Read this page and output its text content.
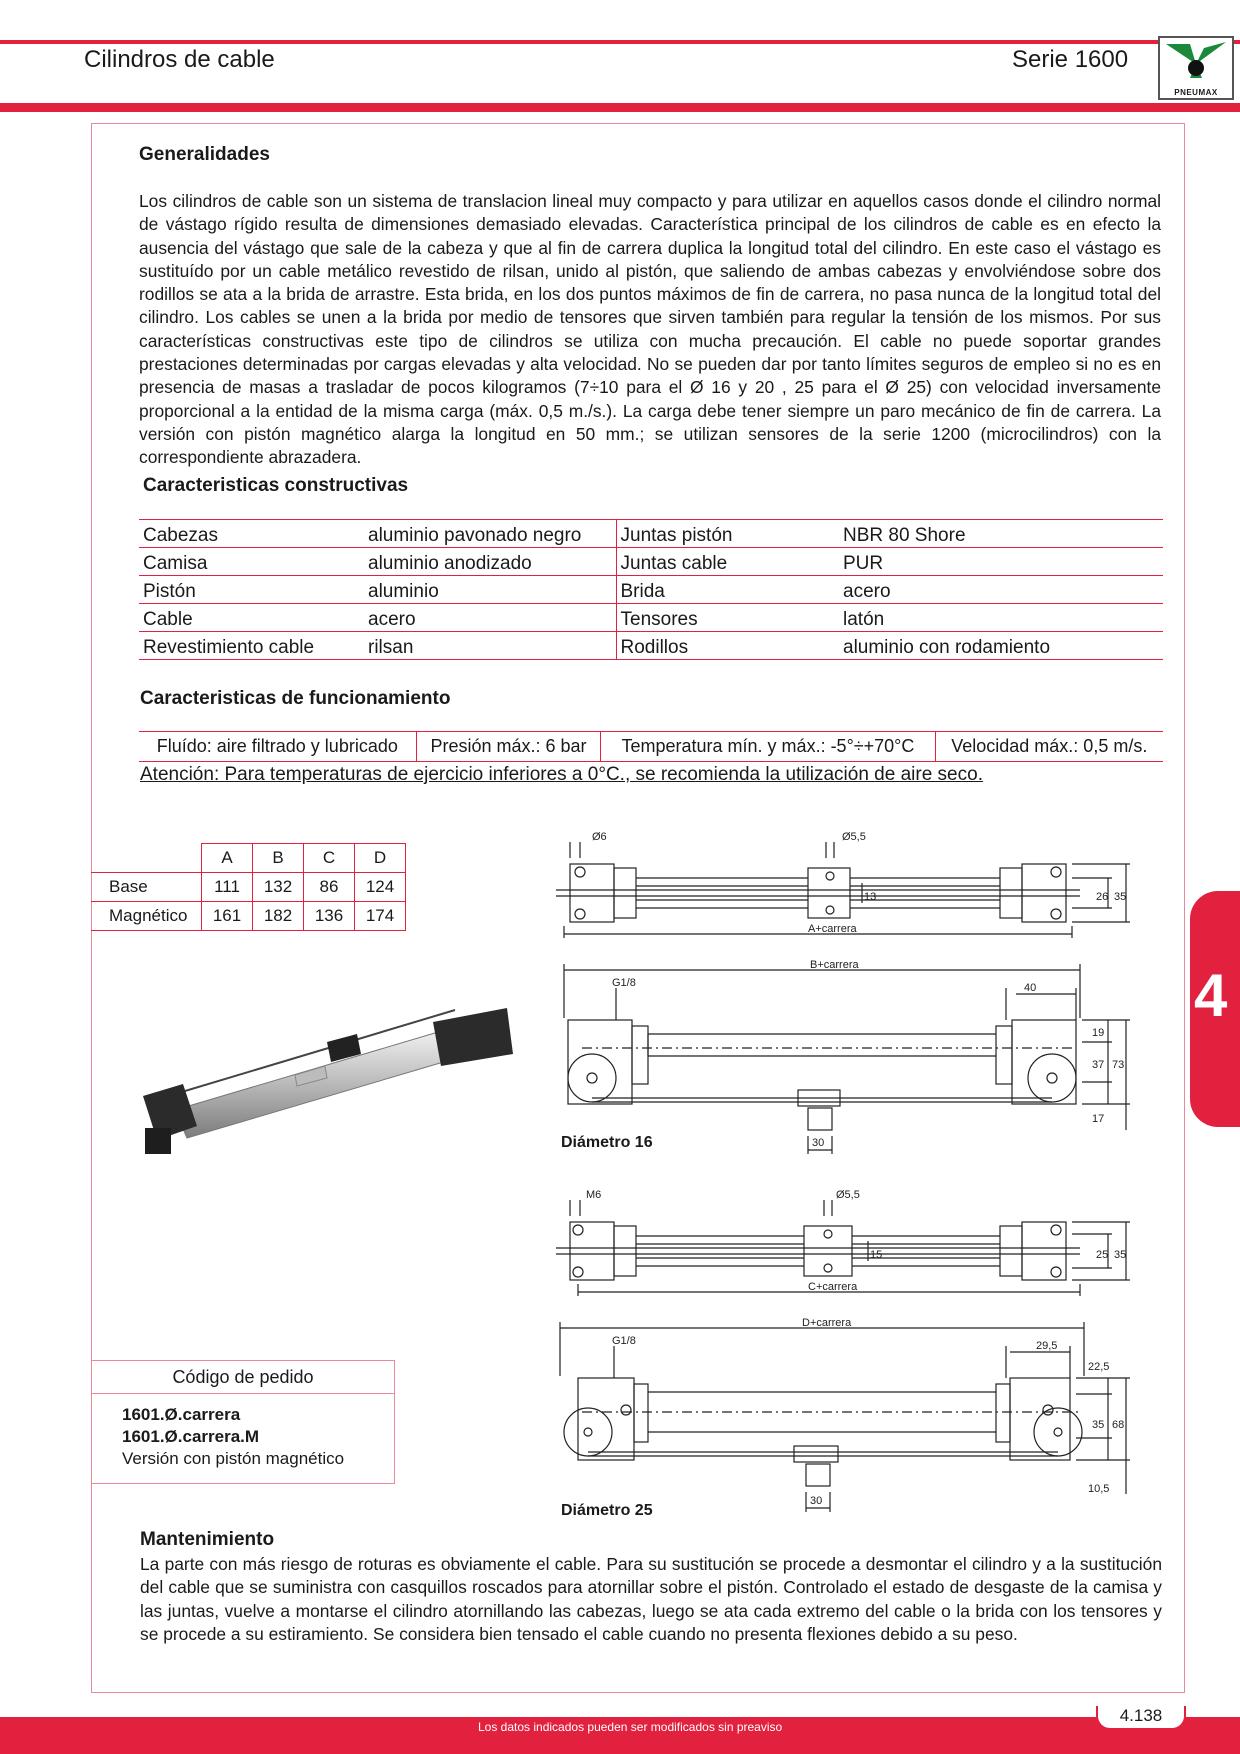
Cilindros de cable	Serie 1600
PNEUMAX
Generalidades
Los cilindros de cable son un sistema de translacion lineal muy compacto y para utilizar en aquellos casos donde el cilindro normal de vástago rígido resulta de dimensiones demasiado elevadas. Característica principal de los cilindros de cable es en efecto la ausencia del vástago que sale de la cabeza y que al fin de carrera duplica la longitud total del cilindro. En este caso el vástago es sustituído por un cable metálico revestido de rilsan, unido al pistón, que saliendo de ambas cabezas y envolviéndose sobre dos rodillos se ata a la brida de arrastre. Esta brida, en los dos puntos máximos de fin de carrera, no pasa nunca de la longitud total del cilindro. Los cables se unen a la brida por medio de tensores que sirven también para regular la tensión de los mismos. Por sus características constructivas este tipo de cilindros se utiliza con mucha precaución. El cable no puede soportar grandes prestaciones determinadas por cargas elevadas y alta velocidad. No se pueden dar por tanto límites seguros de empleo si no es en presencia de masas a trasladar de pocos kilogramos (7÷10 para el Ø 16 y 20 , 25 para el Ø 25) con velocidad inversamente proporcional a la entidad de la misma carga (máx. 0,5 m./s.). La carga debe tener siempre un paro mecánico de fin de carrera. La versión con pistón magnético alarga la longitud en 50 mm.; se utilizan sensores de la serie 1200 (microcilindros) con la correspondiente abrazadera.
Caracteristicas constructivas
Cabezas	aluminio pavonado negro	Juntas pistón	NBR 80 Shore
Camisa	aluminio anodizado	Juntas cable	PUR
Pistón	aluminio	Brida	acero
Cable	acero	Tensores	latón
Revestimiento cable	rilsan	Rodillos	aluminio con rodamiento
Caracteristicas de funcionamiento
Fluído: aire filtrado y lubricado	Presión máx.: 6 bar	Temperatura mín. y máx.: -5°÷+70°C	Velocidad máx.: 0,5 m/s.
Atención: Para temperaturas de ejercicio inferiores a 0°C., se recomienda la utilización de aire seco.
	A	B	C	D
Base	111	132	86	124
Magnético	161	182	136	174
Código de pedido
1601.Ø.carrera
1601.Ø.carrera.M
Versión con pistón magnético
Ø6	Ø5,5
13	26 35
A+carrera
B+carrera
G1/8	40
19
37 73
17
30
Diámetro 16
M6	Ø5,5
15	25 35
C+carrera
D+carrera
G1/8	29,5
22,5
35 68
10,5
30
Diámetro 25
Mantenimiento
La parte con más riesgo de roturas es obviamente el cable. Para su sustitución se procede a desmontar el cilindro y a la sustitución del cable que se suministra con casquillos roscados para atornillar sobre el pistón. Controlado el estado de desgaste de la camisa y las juntas, vuelve a montarse el cilindro atornillando las cabezas, luego se ata cada extremo del cable o la brida con los tensores y se procede a su estiramiento. Se considera bien tensado el cable cuando no presenta flexiones debido a su peso.
4
Los datos indicados pueden ser modificados sin preaviso
4.138
